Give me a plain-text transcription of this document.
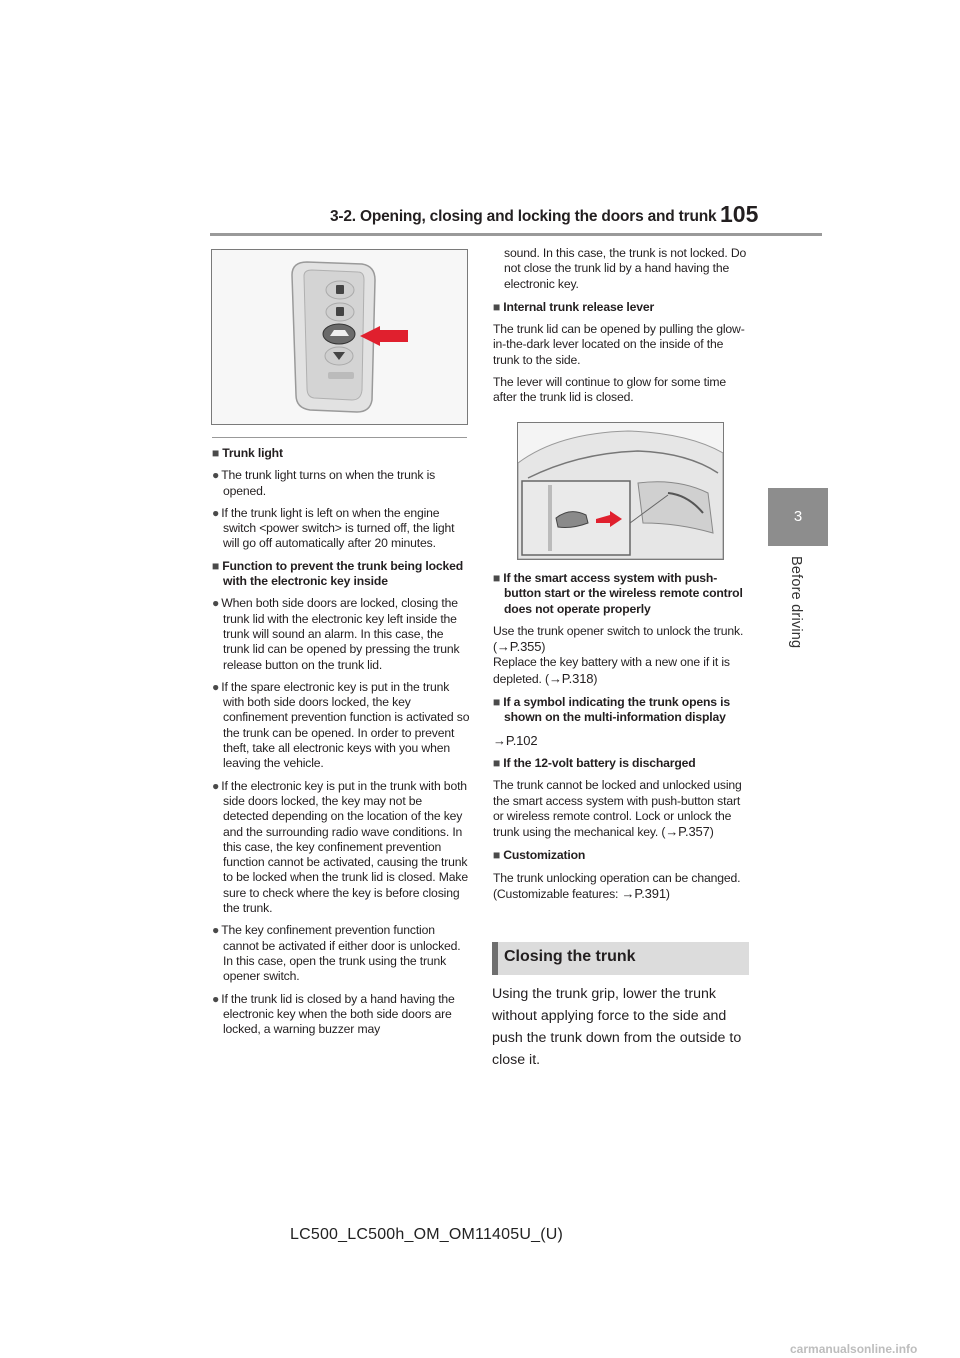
3-2. Opening, closing and locking the doors and trunk 105
3
Before driving

■ Trunk light

● The trunk light turns on when the trunk is opened.

● If the trunk light is left on when the engine switch <power switch> is turned off, the light will go off automatically after 20 minutes.

■ Function to prevent the trunk being locked with the electronic key inside

● When both side doors are locked, closing the trunk lid with the electronic key left inside the trunk will sound an alarm. In this case, the trunk lid can be opened by pressing the trunk release button on the trunk lid.

● If the spare electronic key is put in the trunk with both side doors locked, the key confinement prevention function is activated so the trunk can be opened. In order to prevent theft, take all electronic keys with you when leaving the vehicle.

● If the electronic key is put in the trunk with both side doors locked, the key may not be detected depending on the location of the key and the surrounding radio wave conditions. In this case, the key confinement prevention function cannot be activated, causing the trunk to be locked when the trunk lid is closed. Make sure to check where the key is before closing the trunk.

● The key confinement prevention function cannot be activated if either door is unlocked. In this case, open the trunk using the trunk opener switch.

● If the trunk lid is closed by a hand having the electronic key when the both side doors are locked, a warning buzzer may

sound. In this case, the trunk is not locked. Do not close the trunk lid by a hand having the electronic key.

■ Internal trunk release lever

The trunk lid can be opened by pulling the glow-in-the-dark lever located on the inside of the trunk to the side.

The lever will continue to glow for some time after the trunk lid is closed.

■ If the smart access system with push-button start or the wireless remote control does not operate properly

Use the trunk opener switch to unlock the trunk. (→P.355)
Replace the key battery with a new one if it is depleted. (→P.318)

■ If a symbol indicating the trunk opens is shown on the multi-information display

→P.102

■ If the 12-volt battery is discharged

The trunk cannot be locked and unlocked using the smart access system with push-button start or wireless remote control. Lock or unlock the trunk using the mechanical key. (→P.357)

■ Customization

The trunk unlocking operation can be changed. (Customizable features: →P.391)

Closing the trunk
Using the trunk grip, lower the trunk without applying force to the side and push the trunk down from the outside to close it.
LC500_LC500h_OM_OM11405U_(U)
carmanualsonline.info
